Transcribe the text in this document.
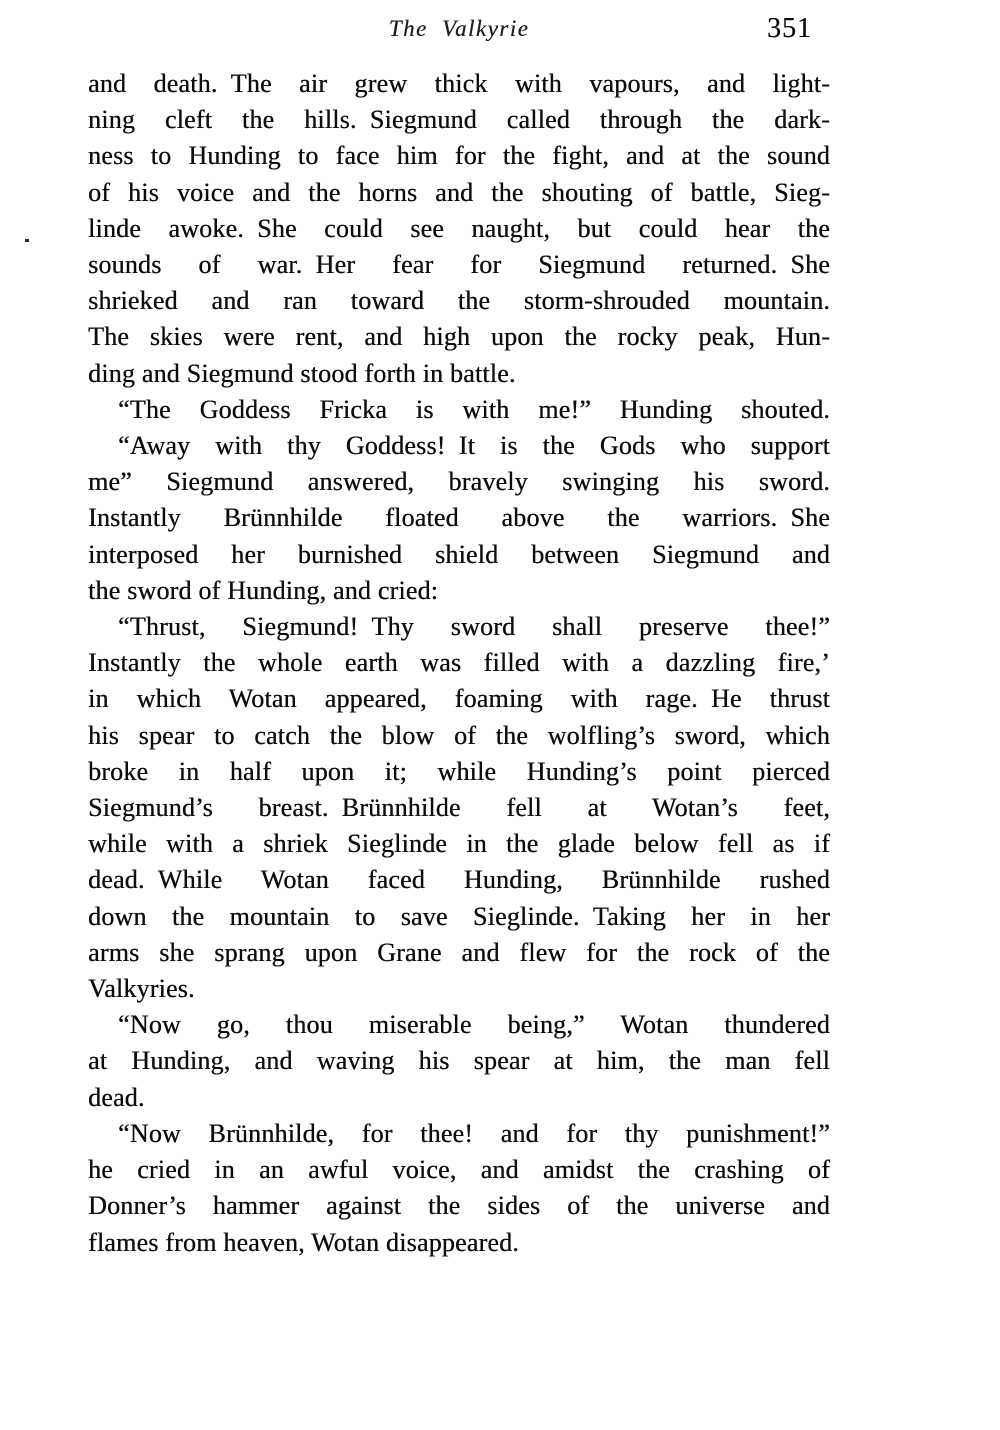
The Valkyrie	351
and death. The air grew thick with vapours, and light-
ning cleft the hills. Siegmund called through the dark-
ness to Hunding to face him for the fight, and at the sound
of his voice and the horns and the shouting of battle, Sieg-
linde awoke. She could see naught, but could hear the
sounds of war. Her fear for Siegmund returned. She
shrieked and ran toward the storm-shrouded mountain.
The skies were rent, and high upon the rocky peak, Hun-
ding and Siegmund stood forth in battle.
“The Goddess Fricka is with me!” Hunding shouted.
“Away with thy Goddess! It is the Gods who support
me” Siegmund answered, bravely swinging his sword.
Instantly Brünnhilde floated above the warriors. She
interposed her burnished shield between Siegmund and
the sword of Hunding, and cried:
“Thrust, Siegmund! Thy sword shall preserve thee!”
Instantly the whole earth was filled with a dazzling fire,’
in which Wotan appeared, foaming with rage. He thrust
his spear to catch the blow of the wolfling’s sword, which
broke in half upon it; while Hunding’s point pierced
Siegmund’s breast. Brünnhilde fell at Wotan’s feet,
while with a shriek Sieglinde in the glade below fell as if
dead. While Wotan faced Hunding, Brünnhilde rushed
down the mountain to save Sieglinde. Taking her in her
arms she sprang upon Grane and flew for the rock of the
Valkyries.
“Now go, thou miserable being,” Wotan thundered
at Hunding, and waving his spear at him, the man fell
dead.
“Now Brünnhilde, for thee! and for thy punishment!”
he cried in an awful voice, and amidst the crashing of
Donner’s hammer against the sides of the universe and
flames from heaven, Wotan disappeared.
